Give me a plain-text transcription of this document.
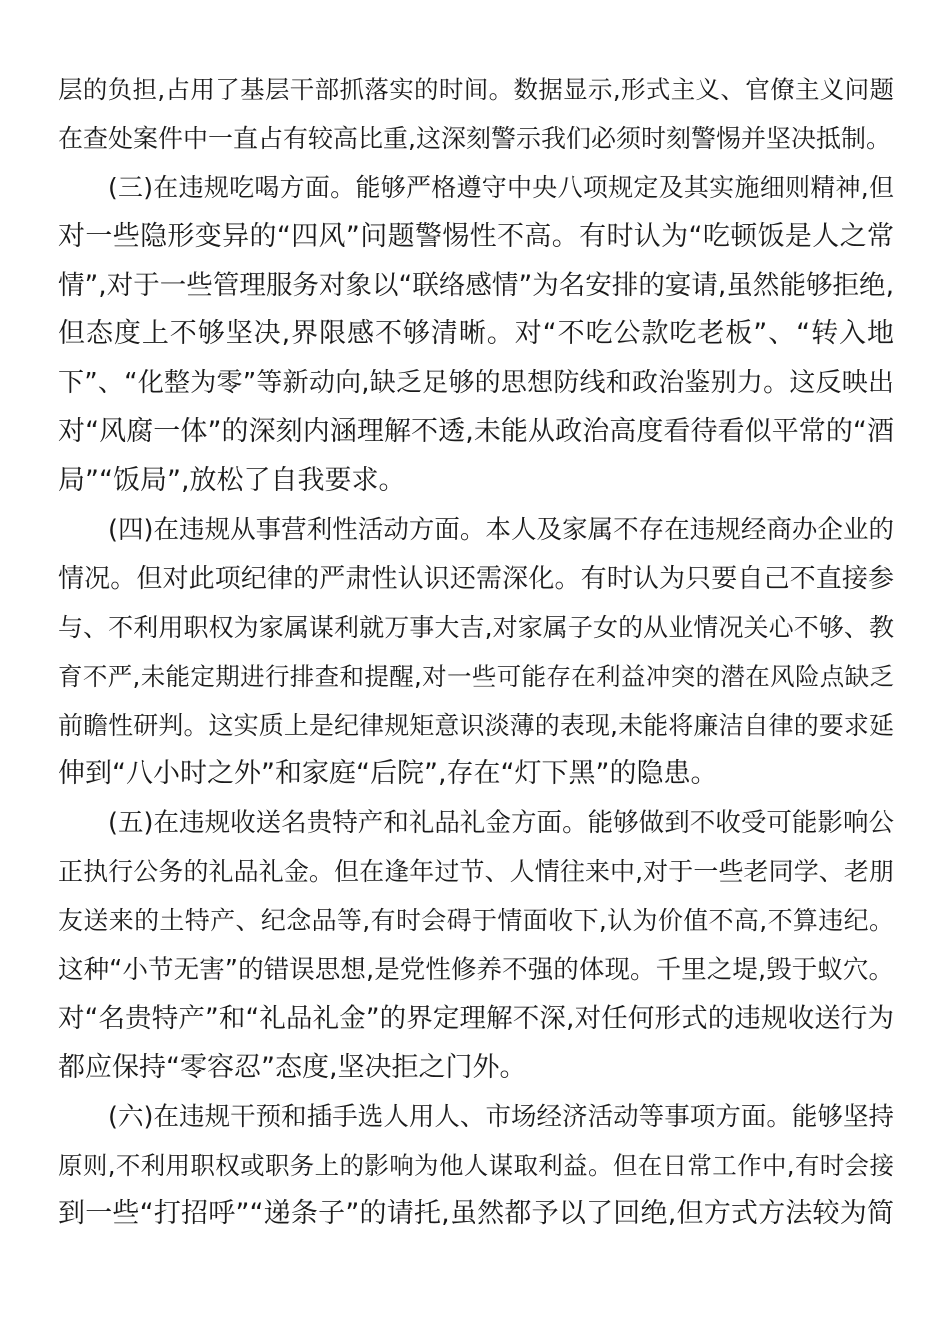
层的负担,占用了基层干部抓落实的时间。数据显示,形式主义、官僚主义问题
在查处案件中一直占有较高比重,这深刻警示我们必须时刻警惕并坚决抵制。
(三)在违规吃喝方面。能够严格遵守中央八项规定及其实施细则精神,但
对一些隐形变异的“四风”问题警惕性不高。有时认为“吃顿饭是人之常
情”,对于一些管理服务对象以“联络感情”为名安排的宴请,虽然能够拒绝,
但态度上不够坚决,界限感不够清晰。对“不吃公款吃老板”、“转入地
下”、“化整为零”等新动向,缺乏足够的思想防线和政治鉴别力。这反映出
对“风腐一体”的深刻内涵理解不透,未能从政治高度看待看似平常的“酒
局”“饭局”,放松了自我要求。
(四)在违规从事营利性活动方面。本人及家属不存在违规经商办企业的
情况。但对此项纪律的严肃性认识还需深化。有时认为只要自己不直接参
与、不利用职权为家属谋利就万事大吉,对家属子女的从业情况关心不够、教
育不严,未能定期进行排查和提醒,对一些可能存在利益冲突的潜在风险点缺乏
前瞻性研判。这实质上是纪律规矩意识淡薄的表现,未能将廉洁自律的要求延
伸到“八小时之外”和家庭“后院”,存在“灯下黑”的隐患。
(五)在违规收送名贵特产和礼品礼金方面。能够做到不收受可能影响公
正执行公务的礼品礼金。但在逢年过节、人情往来中,对于一些老同学、老朋
友送来的土特产、纪念品等,有时会碍于情面收下,认为价值不高,不算违纪。
这种“小节无害”的错误思想,是党性修养不强的体现。千里之堤,毁于蚁穴。
对“名贵特产”和“礼品礼金”的界定理解不深,对任何形式的违规收送行为
都应保持“零容忍”态度,坚决拒之门外。
(六)在违规干预和插手选人用人、市场经济活动等事项方面。能够坚持
原则,不利用职权或职务上的影响为他人谋取利益。但在日常工作中,有时会接
到一些“打招呼”“递条子”的请托,虽然都予以了回绝,但方式方法较为简
